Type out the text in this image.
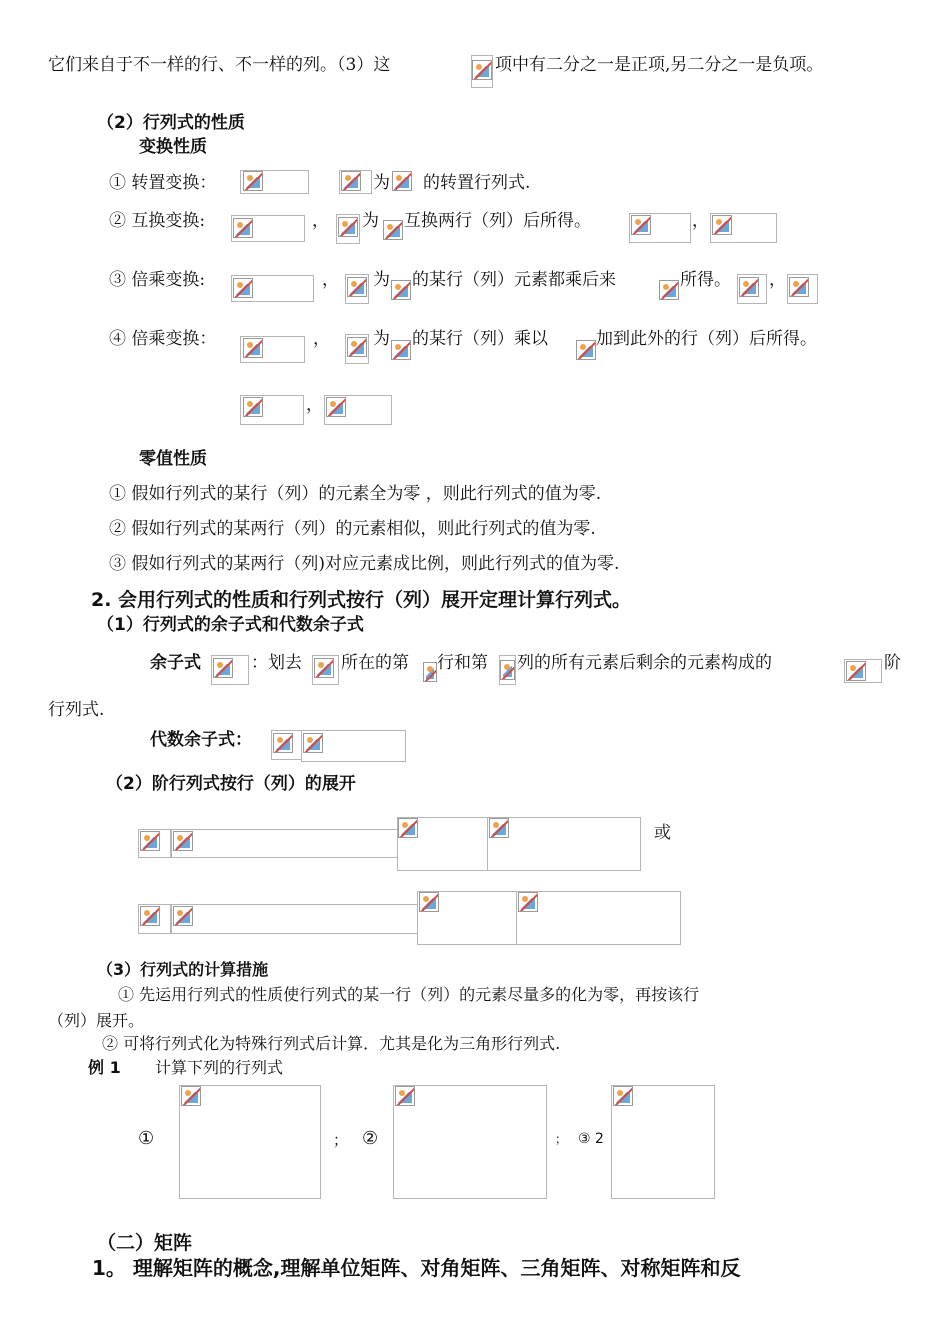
它们来自于不一样的行、不一样的列。（3）这	项中有二分之一是正项,另二分之一是负项。
（2）行列式的性质
变换性质
① 转置变换：	为 的转置行列式.
② 互换变换:	， 为 互换两行（列）后所得。	，
③ 倍乘变换:	， 为 的某行（列）元素都乘后来	所得。 ，
④ 倍乘变换：	，	为 的某行（列）乘以	加到此外的行（列）后所得。
，
零值性质
① 假如行列式的某行（列）的元素全为零 ，则此行列式的值为零.
② 假如行列式的某两行（列）的元素相似，则此行列式的值为零.
③ 假如行列式的某两行（列)对应元素成比例，则此行列式的值为零.
2. 会用行列式的性质和行列式按行（列）展开定理计算行列式。
（1）行列式的余子式和代数余子式
余子式	：划去 所在的第 行和第 列的所有元素后剩余的元素构成的	阶
行列式.
代数余子式：
（2）阶行列式按行（列）的展开
或
（3）行列式的计算措施
① 先运用行列式的性质使行列式的某一行（列）的元素尽量多的化为零，再按该行
（列）展开。
② 可将行列式化为特殊行列式后计算．尤其是化为三角形行列式.
例 1 计算下列的行列式
①	； ②	； ③ 2
（二）矩阵
1。 理解矩阵的概念,理解单位矩阵、对角矩阵、三角矩阵、对称矩阵和反
